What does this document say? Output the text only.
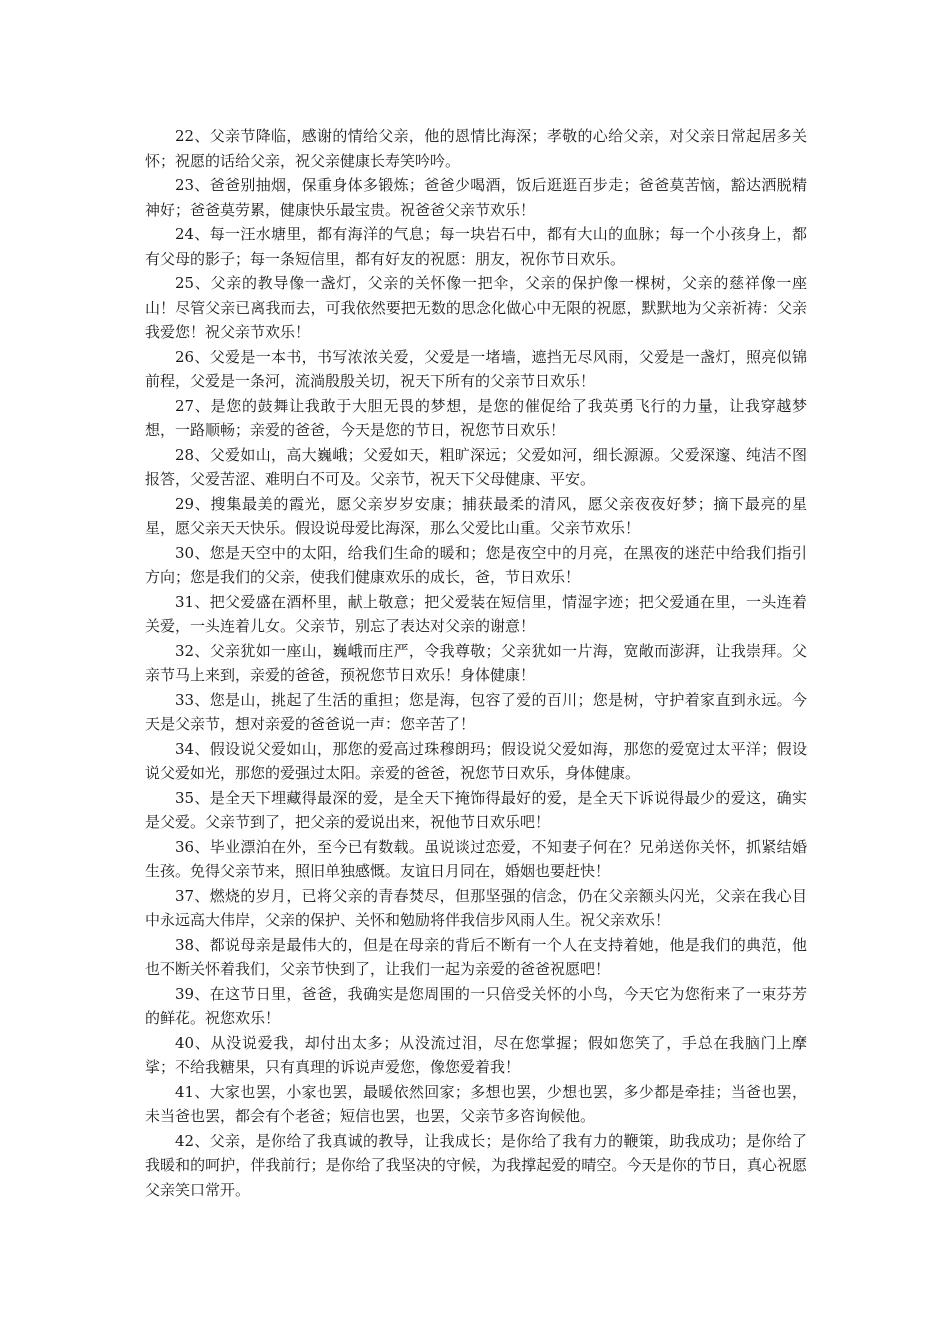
22、父亲节降临，感谢的情给父亲，他的恩情比海深；孝敬的心给父亲，对父亲日常起居多关怀；祝愿的话给父亲，祝父亲健康长寿笑吟吟。

23、爸爸别抽烟，保重身体多锻炼；爸爸少喝酒，饭后逛逛百步走；爸爸莫苦恼，豁达洒脱精神好；爸爸莫劳累，健康快乐最宝贵。祝爸爸父亲节欢乐！

24、每一汪水塘里，都有海洋的气息；每一块岩石中，都有大山的血脉；每一个小孩身上，都有父母的影子；每一条短信里，都有好友的祝愿：朋友，祝你节日欢乐。

25、父亲的教导像一盏灯，父亲的关怀像一把伞，父亲的保护像一棵树，父亲的慈祥像一座山！尽管父亲已离我而去，可我依然要把无数的思念化做心中无限的祝愿，默默地为父亲祈祷：父亲我爱您！祝父亲节欢乐！

26、父爱是一本书，书写浓浓关爱，父爱是一堵墙，遮挡无尽风雨，父爱是一盏灯，照亮似锦前程，父爱是一条河，流淌殷殷关切，祝天下所有的父亲节日欢乐！

27、是您的鼓舞让我敢于大胆无畏的梦想，是您的催促给了我英勇飞行的力量，让我穿越梦想，一路顺畅；亲爱的爸爸，今天是您的节日，祝您节日欢乐！

28、父爱如山，高大巍峨；父爱如天，粗旷深远；父爱如河，细长源源。父爱深邃、纯洁不图报答，父爱苦涩、难明白不可及。父亲节，祝天下父母健康、平安。

29、搜集最美的霞光，愿父亲岁岁安康；捕获最柔的清风，愿父亲夜夜好梦；摘下最亮的星星，愿父亲天天快乐。假设说母爱比海深，那么父爱比山重。父亲节欢乐！

30、您是天空中的太阳，给我们生命的暖和；您是夜空中的月亮，在黑夜的迷茫中给我们指引方向；您是我们的父亲，使我们健康欢乐的成长，爸，节日欢乐！

31、把父爱盛在酒杯里，献上敬意；把父爱装在短信里，情湿字迹；把父爱通在里，一头连着关爱，一头连着儿女。父亲节，别忘了表达对父亲的谢意！

32、父亲犹如一座山，巍峨而庄严，令我尊敬；父亲犹如一片海，宽敞而澎湃，让我崇拜。父亲节马上来到，亲爱的爸爸，预祝您节日欢乐！身体健康！

33、您是山，挑起了生活的重担；您是海，包容了爱的百川；您是树，守护着家直到永远。今天是父亲节，想对亲爱的爸爸说一声：您辛苦了！

34、假设说父爱如山，那您的爱高过珠穆朗玛；假设说父爱如海，那您的爱宽过太平洋；假设说父爱如光，那您的爱强过太阳。亲爱的爸爸，祝您节日欢乐，身体健康。

35、是全天下埋藏得最深的爱，是全天下掩饰得最好的爱，是全天下诉说得最少的爱这，确实是父爱。父亲节到了，把父亲的爱说出来，祝他节日欢乐吧！

36、毕业漂泊在外，至今已有数载。虽说谈过恋爱，不知妻子何在？兄弟送你关怀，抓紧结婚生孩。免得父亲节来，照旧单独感慨。友谊日月同在，婚姻也要赶快！

37、燃烧的岁月，已将父亲的青春焚尽，但那坚强的信念，仍在父亲额头闪光，父亲在我心目中永远高大伟岸，父亲的保护、关怀和勉励将伴我信步风雨人生。祝父亲欢乐！

38、都说母亲是最伟大的，但是在母亲的背后不断有一个人在支持着她，他是我们的典范，他也不断关怀着我们，父亲节快到了，让我们一起为亲爱的爸爸祝愿吧！

39、在这节日里，爸爸，我确实是您周围的一只倍受关怀的小鸟，今天它为您衔来了一束芬芳的鲜花。祝您欢乐！

40、从没说爱我，却付出太多；从没流过泪，尽在您掌握；假如您笑了，手总在我脑门上摩挲；不给我糖果，只有真理的诉说声爱您，像您爱着我！

41、大家也罢，小家也罢，最暖依然回家；多想也罢，少想也罢，多少都是牵挂；当爸也罢，未当爸也罢，都会有个老爸；短信也罢，也罢，父亲节多咨询候他。

42、父亲，是你给了我真诚的教导，让我成长；是你给了我有力的鞭策，助我成功；是你给了我暖和的呵护，伴我前行；是你给了我坚决的守候，为我撑起爱的晴空。今天是你的节日，真心祝愿父亲笑口常开。
